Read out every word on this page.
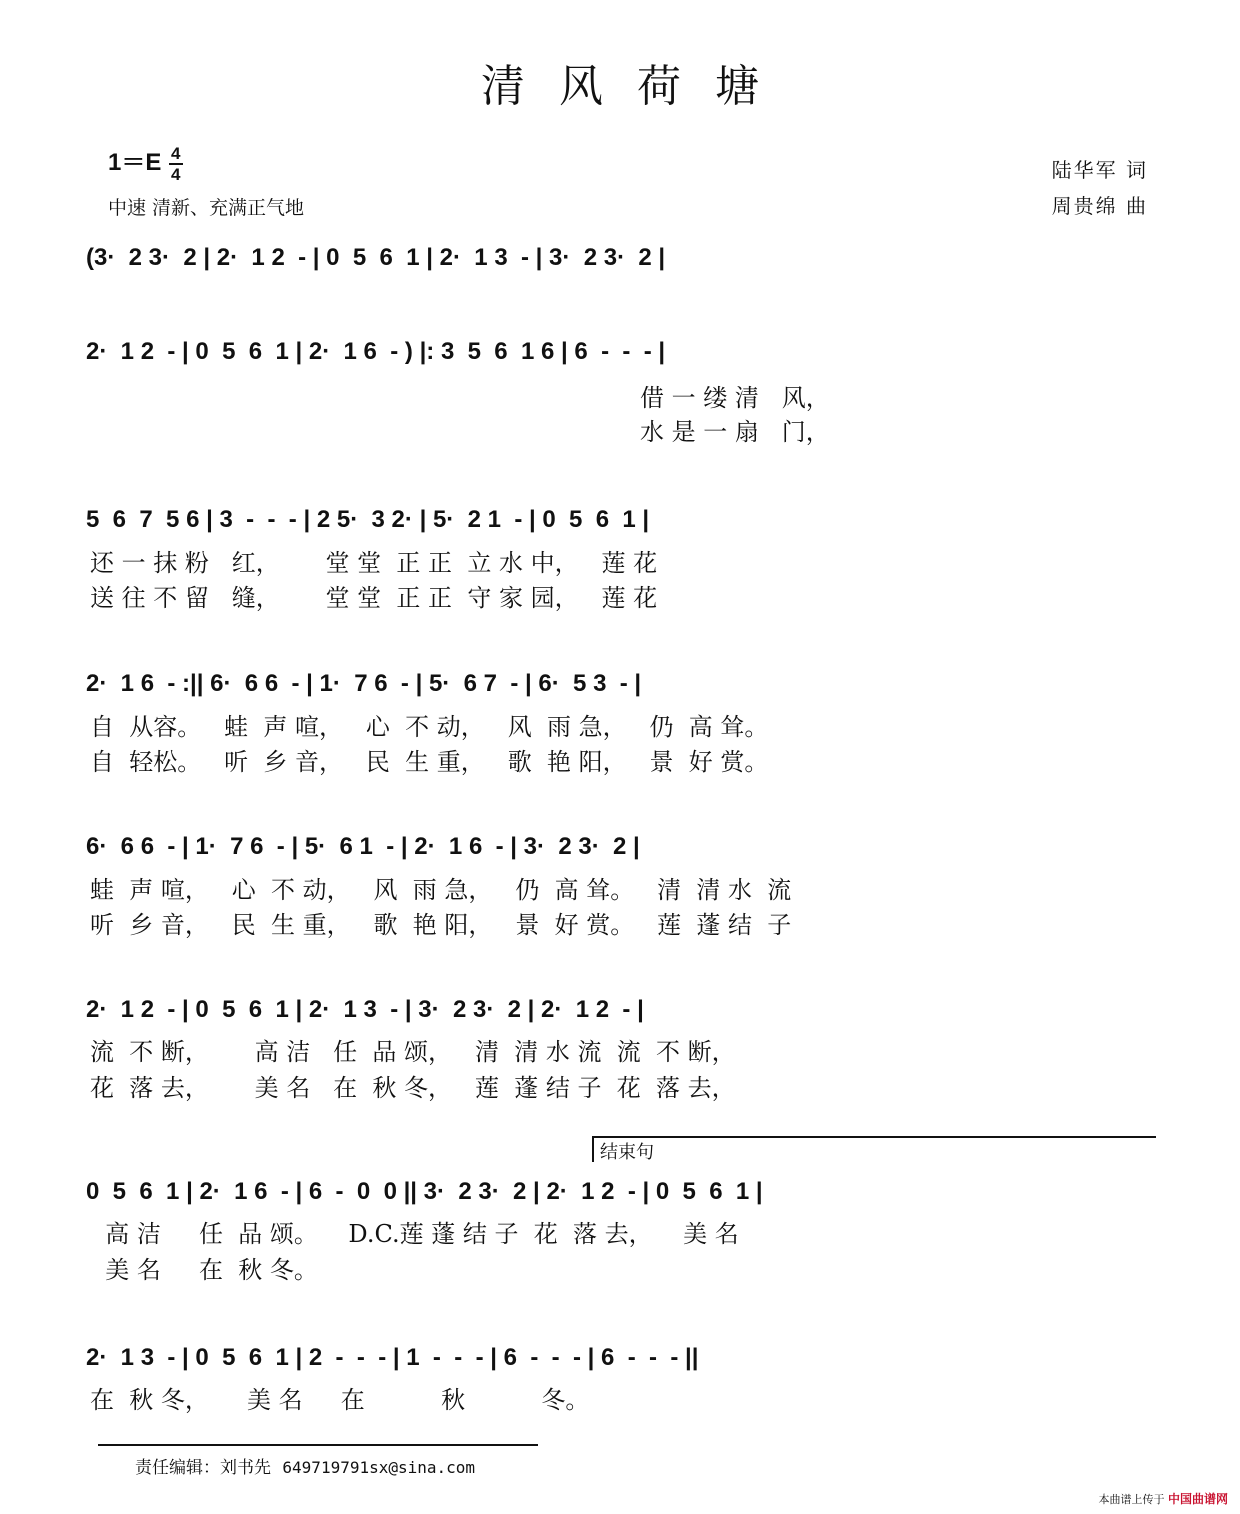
清风荷塘
$1=E \frac{4}{4}$
中速 清新、充满正气地
陆华军 词
周贵绵 曲
(3·  2 3·  2 | 2·  1 2  - | 0  5  6  1 | 2·  1 3  - | 3·  2 3·  2 |
2·  1 2  - | 0  5  6  1 | 2·  1 6  - ) |: 3  5  6  1 6 | 6  -  -  - |
借 一 缕 清   风，
水 是 一 扇   门，
5  6  7  5 6 | 3  -  -  - | 2 5·  3 2· | 5·  2 1  - | 0  5  6  1 |
还 一 抹 粉   红，      堂 堂  正 正  立 水 中，   莲 花
送 往 不 留   缝，      堂 堂  正 正  守 家 园，   莲 花
2·  1 6  - :|| 6·  6 6  - | 1·  7 6  - | 5·  6 7  - | 6·  5 3  - |
自  从容。   蛙  声 喧，   心  不 动，   风  雨 急，   仍  高 耸。
自  轻松。   听  乡 音，   民  生 重，   歌  艳 阳，   景  好 赏。
6·  6 6  - | 1·  7 6  - | 5·  6 1  - | 2·  1 6  - | 3·  2 3·  2 |
蛙  声 喧，   心  不 动，   风  雨 急，   仍  高 耸。   清  清 水  流
听  乡 音，   民  生 重，   歌  艳 阳，   景  好 赏。   莲  蓬 结  子
2·  1 2  - | 0  5  6  1 | 2·  1 3  - | 3·  2 3·  2 | 2·  1 2  - |
流  不 断，      高 洁   任  品 颂，   清  清 水 流  流  不 断，
花  落 去，      美 名   在  秋 冬，   莲  蓬 结 子  花  落 去，
结束句
0  5  6  1 | 2·  1 6  - | 6  -  0  0 || 3·  2 3·  2 | 2·  1 2  - | 0  5  6  1 |
高 洁     任  品 颂。    D.C.莲 蓬 结 子  花  落 去，    美 名
美 名     在  秋 冬。
2·  1 3  - | 0  5  6  1 | 2  -  -  - | 1  -  -  - | 6  -  -  - | 6  -  -  - ||
在  秋 冬，     美 名     在          秋          冬。
责任编辑：刘书先 649719791sx@sina.com
本曲谱上传于 中国曲谱网
